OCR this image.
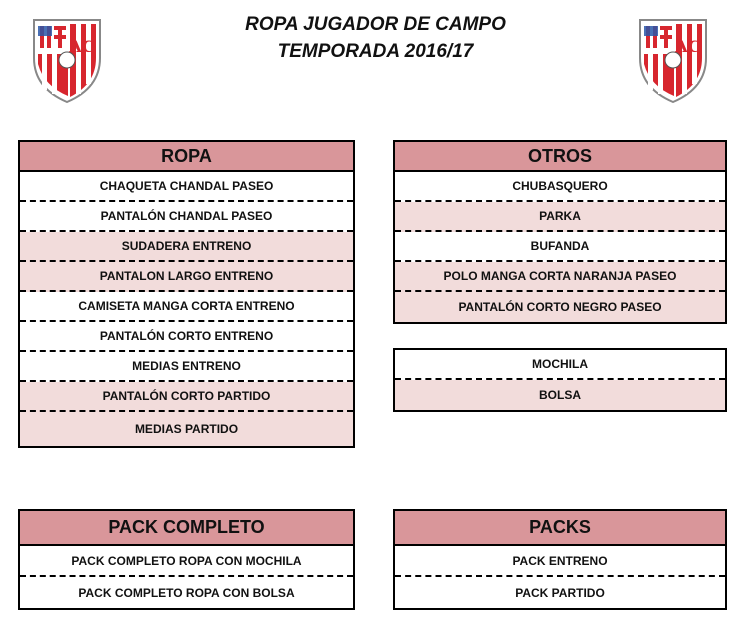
AC	AC
ROPA JUGADOR DE CAMPO
TEMPORADA 2016/17
ROPA
CHAQUETA CHANDAL PASEO
PANTALÓN CHANDAL PASEO
SUDADERA ENTRENO
PANTALON LARGO ENTRENO
CAMISETA MANGA CORTA ENTRENO
PANTALÓN CORTO ENTRENO
MEDIAS ENTRENO
PANTALÓN CORTO PARTIDO
MEDIAS PARTIDO
OTROS
CHUBASQUERO
PARKA
BUFANDA
POLO MANGA CORTA NARANJA PASEO
PANTALÓN CORTO NEGRO PASEO
MOCHILA
BOLSA
PACK COMPLETO
PACK COMPLETO ROPA CON MOCHILA
PACK COMPLETO ROPA CON BOLSA
PACKS
PACK ENTRENO
PACK PARTIDO
